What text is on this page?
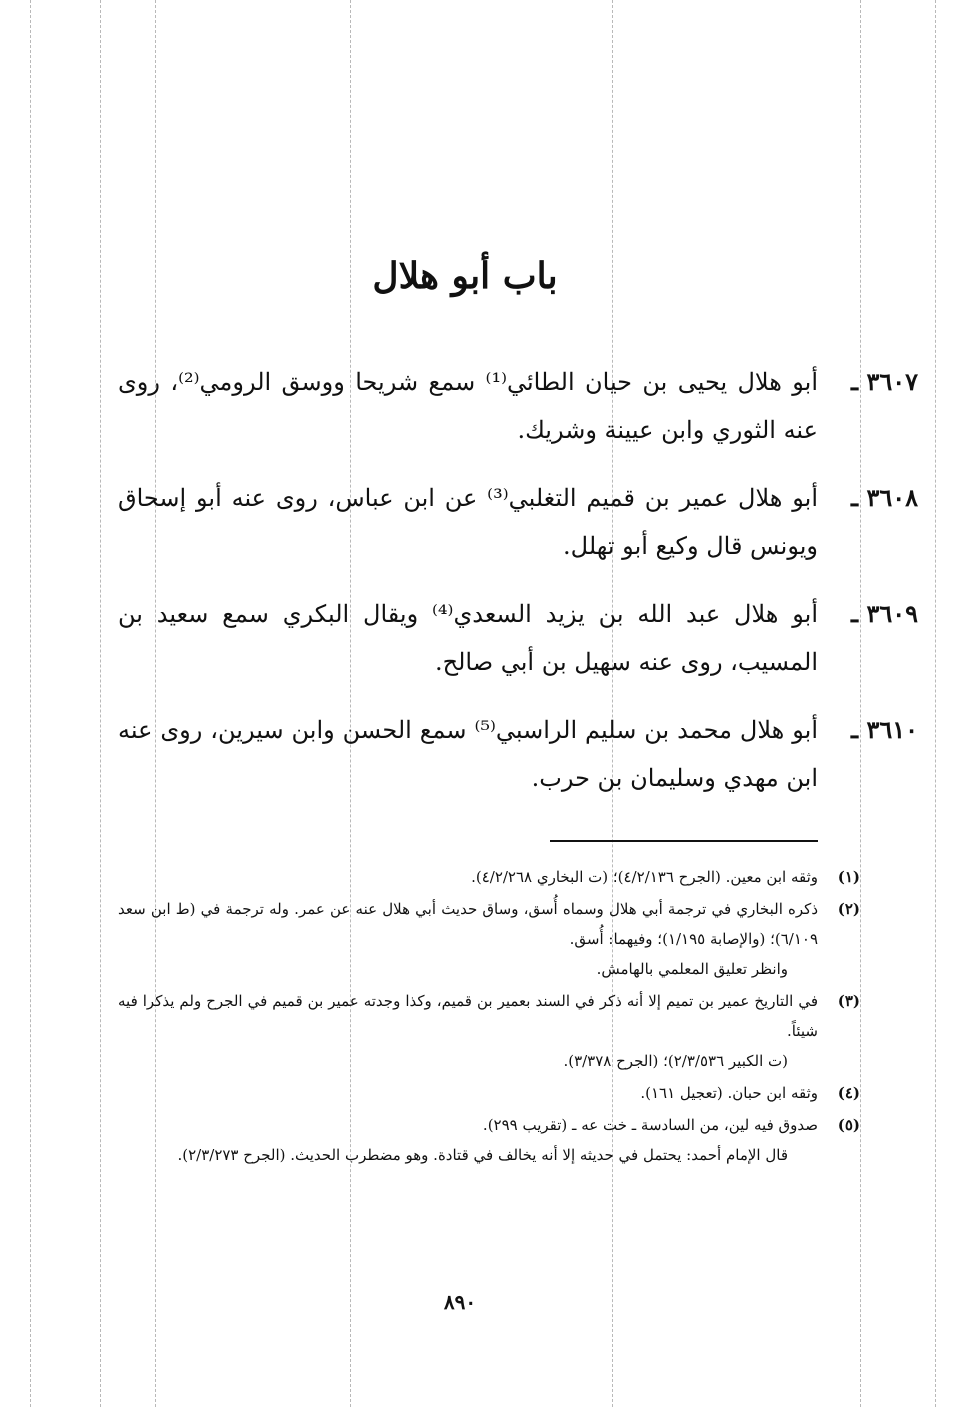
باب أبو هلال
٣٦٠٧ ـ
أبو هلال يحيى بن حيان الطائي⁽¹⁾ سمع شريحا ووسق الرومي⁽²⁾، روى عنه الثوري وابن عيينة وشريك.
٣٦٠٨ ـ
أبو هلال عمير بن قميم التغلبي⁽³⁾ عن ابن عباس، روى عنه أبو إسحاق ويونس قال وكيع أبو تهلل.
٣٦٠٩ ـ
أبو هلال عبد الله بن يزيد السعدي⁽⁴⁾ ويقال البكري سمع سعيد بن المسيب، روى عنه سهيل بن أبي صالح.
٣٦١٠ ـ
أبو هلال محمد بن سليم الراسبي⁽⁵⁾ سمع الحسن وابن سيرين، روى عنه ابن مهدي وسليمان بن حرب.
(١)
وثقه ابن معين. (الجرح ٤/٢/١٣٦)؛ (ت البخاري ٤/٢/٢٦٨).
(٢)
ذكره البخاري في ترجمة أبي هلال وسماه أُسق، وساق حديث أبي هلال عنه عن عمر. وله ترجمة في (ط ابن سعد ٦/١٠٩)؛ (والإصابة ١/١٩٥)؛ وفيهما: أُسق.
وانظر تعليق المعلمي بالهامش.
(٣)
في التاريخ عمير بن تميم إلا أنه ذكر في السند بعمير بن قميم، وكذا وجدته عمير بن قميم في الجرح ولم يذكرا فيه شيئاً.
(ت الكبير ٢/٣/٥٣٦)؛ (الجرح ٣/٣٧٨).
(٤)
وثقه ابن حبان. (تعجيل ١٦١).
(٥)
صدوق فيه لين، من السادسة ـ خت عه ـ (تقريب ٢٩٩).
قال الإمام أحمد: يحتمل في حديثه إلا أنه يخالف في قتادة. وهو مضطرب الحديث. (الجرح ٢/٣/٢٧٣).
٨٩٠
